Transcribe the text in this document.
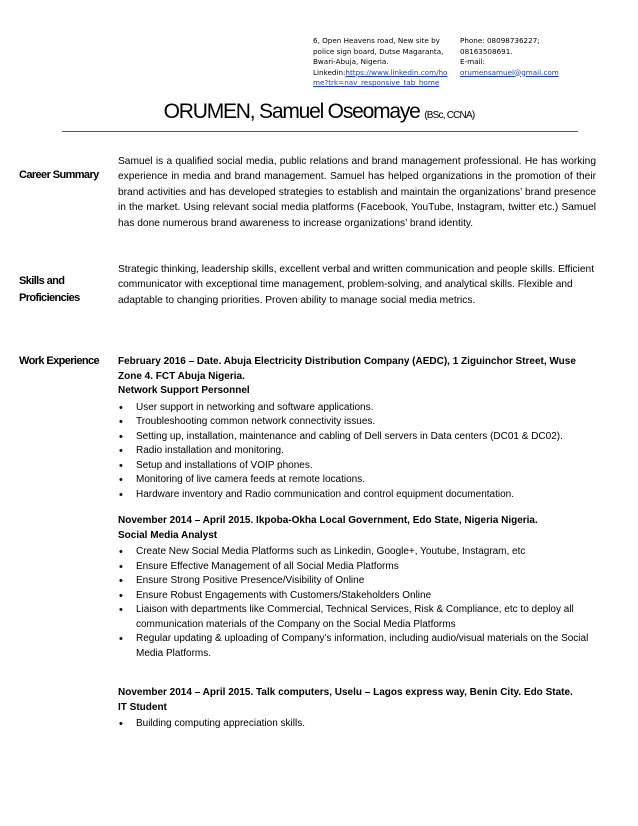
6, Open Heavens road, New site by
police sign board, Dutse Magaranta,
Bwari-Abuja, Nigeria.
Linkedin:https://www.linkedin.com/ho
me?trk=nav_responsive_tab_home
Phone: 08098736227;
08163508691.
E-mail:
orumensamuel@gmail.com
ORUMEN, Samuel Oseomaye (BSc, CCNA)
Career Summary
Samuel is a qualified social media, public relations and brand management professional. He has working experience in media and brand management. Samuel has helped organizations in the promotion of their brand activities and has developed strategies to establish and maintain the organizations’ brand presence in the market. Using relevant social media platforms (Facebook, YouTube, Instagram, twitter etc.) Samuel has done numerous brand awareness to increase organizations’ brand identity.
Skills and
Proficiencies
Strategic thinking, leadership skills, excellent verbal and written communication and people skills. Efficient communicator with exceptional time management, problem-solving, and analytical skills. Flexible and adaptable to changing priorities. Proven ability to manage social media metrics.
Work Experience February 2016 – Date. Abuja Electricity Distribution Company (AEDC), 1 Ziguinchor Street, Wuse Zone 4. FCT Abuja Nigeria.
Network Support Personnel
• User support in networking and software applications.
• Troubleshooting common network connectivity issues.
• Setting up, installation, maintenance and cabling of Dell servers in Data centers (DC01 & DC02).
• Radio installation and monitoring.
• Setup and installations of VOIP phones.
• Monitoring of live camera feeds at remote locations.
• Hardware inventory and Radio communication and control equipment documentation.
November 2014 – April 2015. Ikpoba-Okha Local Government, Edo State, Nigeria Nigeria.
Social Media Analyst
• Create New Social Media Platforms such as Linkedin, Google+, Youtube, Instagram, etc
• Ensure Effective Management of all Social Media Platforms
• Ensure Strong Positive Presence/Visibility of Online
• Ensure Robust Engagements with Customers/Stakeholders Online
• Liaison with departments like Commercial, Technical Services, Risk & Compliance, etc to deploy all communication materials of the Company on the Social Media Platforms
• Regular updating & uploading of Company’s information, including audio/visual materials on the Social Media Platforms.
November 2014 – April 2015. Talk computers, Uselu – Lagos express way, Benin City. Edo State.
IT Student
• Building computing appreciation skills.
